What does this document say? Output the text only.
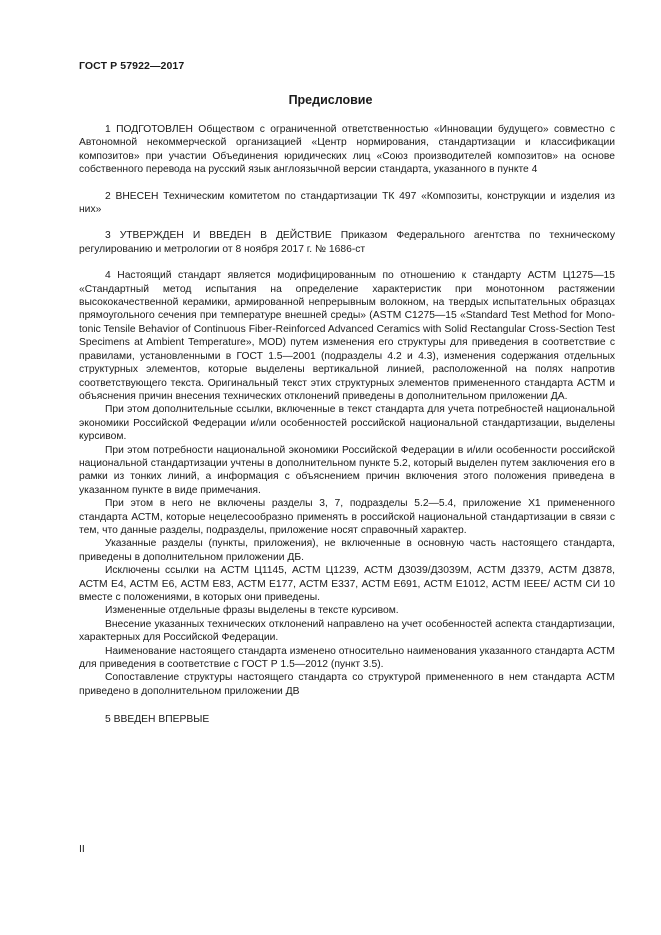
ГОСТ Р 57922—2017
Предисловие

1 ПОДГОТОВЛЕН Обществом с ограниченной ответственностью «Инновации будущего» совместно с Автономной некоммерческой организацией «Центр нормирования, стандартизации и классификации композитов» при участии Объединения юридических лиц «Союз производителей композитов» на основе собственного перевода на русский язык англоязычной версии стандарта, указанного в пункте 4

2 ВНЕСЕН Техническим комитетом по стандартизации ТК 497 «Композиты, конструкции и изделия из них»

3 УТВЕРЖДЕН И ВВЕДЕН В ДЕЙСТВИЕ Приказом Федерального агентства по техническому регулированию и метрологии от 8 ноября 2017 г. № 1686-ст

4 Настоящий стандарт является модифицированным по отношению к стандарту АСТМ Ц1275—15 «Стандартный метод испытания на определение характеристик при монотонном растяжении высококачественной керамики, армированной непрерывным волокном, на твердых испытательных образцах прямоугольного сечения при температуре внешней среды» (ASTM C1275—15 «Standard Test Method for Mono-tonic Tensile Behavior of Continuous Fiber-Reinforced Advanced Ceramics with Solid Rectangular Cross-Section Test Specimens at Ambient Temperature», MOD) путем изменения его структуры для приведения в соответствие с правилами, установленными в ГОСТ 1.5—2001 (подразделы 4.2 и 4.3), изменения содержания отдельных структурных элементов, которые выделены вертикальной линией, расположенной на полях напротив соответствующего текста. Оригинальный текст этих структурных элементов примененного стандарта АСТМ и объяснения причин внесения технических отклонений приведены в дополнительном приложении ДА.

При этом дополнительные ссылки, включенные в текст стандарта для учета потребностей национальной экономики Российской Федерации и/или особенностей российской национальной стандартизации, выделены курсивом.

При этом потребности национальной экономики Российской Федерации в и/или особенности российской национальной стандартизации учтены в дополнительном пункте 5.2, который выделен путем заключения его в рамки из тонких линий, а информация с объяснением причин включения этого положения приведена в указанном пункте в виде примечания.

При этом в него не включены разделы 3, 7, подразделы 5.2—5.4, приложение Х1 примененного стандарта АСТМ, которые нецелесообразно применять в российской национальной стандартизации в связи с тем, что данные разделы, подразделы, приложение носят справочный характер.

Указанные разделы (пункты, приложения), не включенные в основную часть настоящего стандарта, приведены в дополнительном приложении ДБ.

Исключены ссылки на АСТМ Ц1145, АСТМ Ц1239, АСТМ Д3039/Д3039М, АСТМ Д3379, АСТМ Д3878, АСТМ Е4, АСТМ Е6, АСТМ Е83, АСТМ Е177, АСТМ Е337, АСТМ Е691, АСТМ Е1012, АСТМ IEEE/ АСТМ СИ 10 вместе с положениями, в которых они приведены.

Измененные отдельные фразы выделены в тексте курсивом.

Внесение указанных технических отклонений направлено на учет особенностей аспекта стандартизации, характерных для Российской Федерации.

Наименование настоящего стандарта изменено относительно наименования указанного стандарта АСТМ для приведения в соответствие с ГОСТ Р 1.5—2012 (пункт 3.5).

Сопоставление структуры настоящего стандарта со структурой примененного в нем стандарта АСТМ приведено в дополнительном приложении ДВ

5 ВВЕДЕН ВПЕРВЫЕ

II
